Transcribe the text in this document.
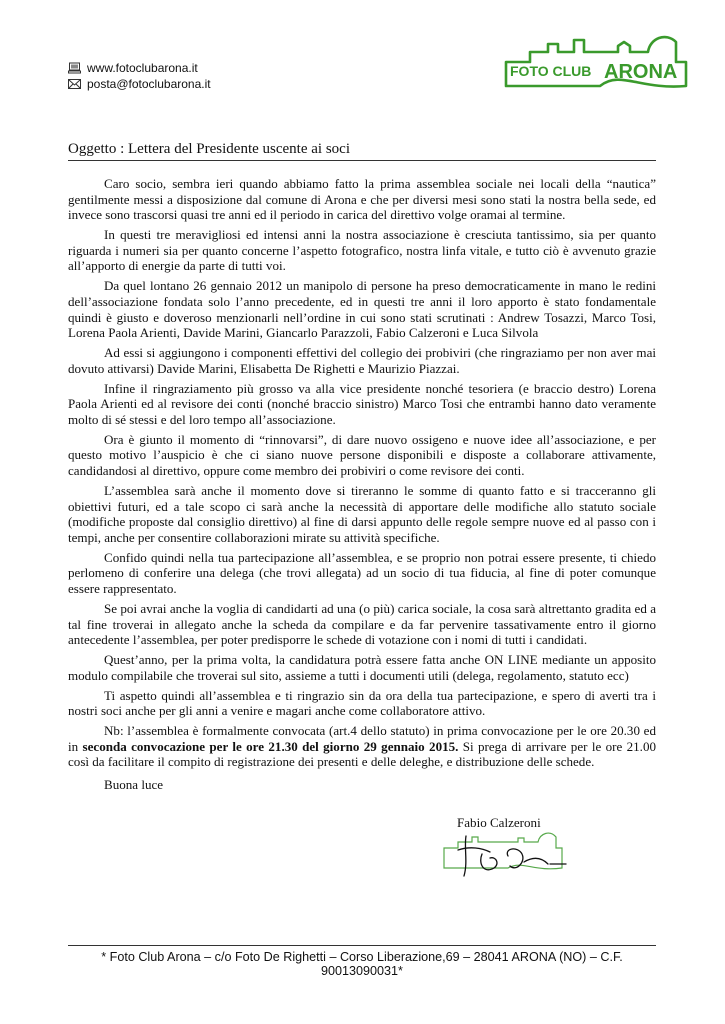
www.fotoclubarona.it
posta@fotoclubarona.it
FOTO CLUB ARONA
Oggetto : Lettera del Presidente uscente ai soci

Caro socio, sembra ieri quando abbiamo fatto la prima assemblea sociale nei locali della “nautica” gentilmente messi a disposizione dal comune di Arona e che per diversi mesi sono stati la nostra bella sede, ed invece sono trascorsi quasi tre anni ed il periodo in carica del direttivo volge oramai al termine.

In questi tre meravigliosi ed intensi anni la nostra associazione è cresciuta tantissimo, sia per quanto riguarda i numeri sia per quanto concerne l’aspetto fotografico, nostra linfa vitale, e tutto ciò è avvenuto grazie all’apporto di energie da parte di tutti voi.

Da quel lontano 26 gennaio 2012 un manipolo di persone ha preso democraticamente in mano le redini dell’associazione fondata solo l’anno precedente, ed in questi tre anni il loro apporto è stato fondamentale quindi è giusto e doveroso menzionarli nell’ordine in cui sono stati scrutinati : Andrew Tosazzi, Marco Tosi, Lorena Paola Arienti, Davide Marini, Giancarlo Parazzoli, Fabio Calzeroni e Luca Silvola

Ad essi si aggiungono i componenti effettivi del collegio dei probiviri (che ringraziamo per non aver mai dovuto attivarsi) Davide Marini, Elisabetta De Righetti e Maurizio Piazzai.

Infine il ringraziamento più grosso va alla vice presidente nonché tesoriera (e braccio destro) Lorena Paola Arienti ed al revisore dei conti (nonché braccio sinistro) Marco Tosi che entrambi hanno dato veramente molto di sé stessi e del loro tempo all’associazione.

Ora è giunto il momento di “rinnovarsi”, di dare nuovo ossigeno e nuove idee all’associazione, e per questo motivo l’auspicio è che ci siano nuove persone disponibili e disposte a collaborare attivamente, candidandosi al direttivo, oppure come membro dei probiviri o come revisore dei conti.

L’assemblea sarà anche il momento dove si tireranno le somme di quanto fatto e si tracceranno gli obiettivi futuri, ed a tale scopo ci sarà anche la necessità di apportare delle modifiche allo statuto sociale (modifiche proposte dal consiglio direttivo) al fine di darsi appunto delle regole sempre nuove ed al passo con i tempi, anche per consentire collaborazioni mirate su attività specifiche.

Confido quindi nella tua partecipazione all’assemblea, e se proprio non potrai essere presente, ti chiedo perlomeno di conferire una delega (che trovi allegata) ad un socio di tua fiducia, al fine di poter comunque essere rappresentato.

Se poi avrai anche la voglia di candidarti ad una (o più) carica sociale, la cosa sarà altrettanto gradita ed a tal fine troverai in allegato anche la scheda da compilare e da far pervenire tassativamente entro il giorno antecedente l’assemblea, per poter predisporre le schede di votazione con i nomi di tutti i candidati.

Quest’anno, per la prima volta, la candidatura potrà essere fatta anche ON LINE mediante un apposito modulo compilabile che troverai sul sito, assieme a tutti i documenti utili (delega, regolamento, statuto ecc)

Ti aspetto quindi all’assemblea e ti ringrazio sin da ora della tua partecipazione, e spero di averti tra i nostri soci anche per gli anni a venire e magari anche come collaboratore attivo.

Nb: l’assemblea è formalmente convocata (art.4 dello statuto) in prima convocazione per le ore 20.30 ed in seconda convocazione per le ore 21.30 del giorno 29 gennaio 2015. Si prega di arrivare per le ore 21.00 così da facilitare il compito di registrazione dei presenti e delle deleghe, e distribuzione delle schede.

Buona luce
Fabio Calzeroni
* Foto Club Arona – c/o Foto De Righetti – Corso Liberazione,69 – 28041 ARONA (NO) – C.F. 90013090031*
